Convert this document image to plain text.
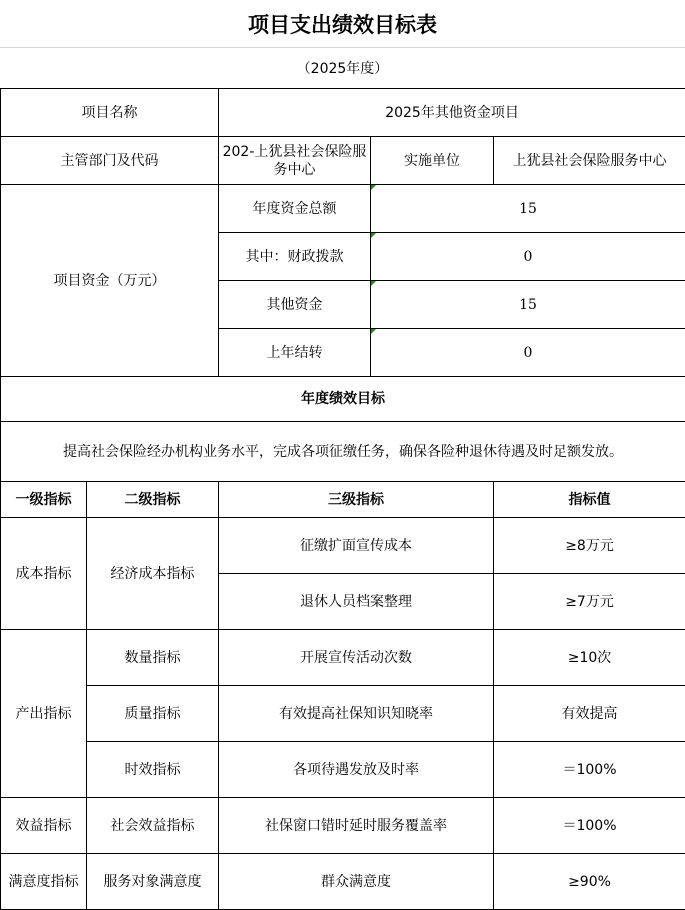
项目支出绩效目标表
（2025年度）
项目名称		2025年其他资金项目		
主管部门及代码		202-上犹县社会保险服务中心	实施单位	上犹县社会保险服务中心
项目资金（万元）		年度资金总额	15	
		其中：财政拨款	0	
		其他资金	15	
		上年结转	0	
年度绩效目标				
提高社会保险经办机构业务水平，完成各项征缴任务，确保各险种退休待遇及时足额发放。				
一级指标	二级指标	三级指标		指标值
成本指标	经济成本指标	征缴扩面宣传成本		≥8万元
		退休人员档案整理		≥7万元
产出指标	数量指标	开展宣传活动次数		≥10次
	质量指标	有效提高社保知识知晓率		有效提高
	时效指标	各项待遇发放及时率		＝100%
效益指标	社会效益指标	社保窗口错时延时服务覆盖率		＝100%
满意度指标	服务对象满意度	群众满意度		≥90%
